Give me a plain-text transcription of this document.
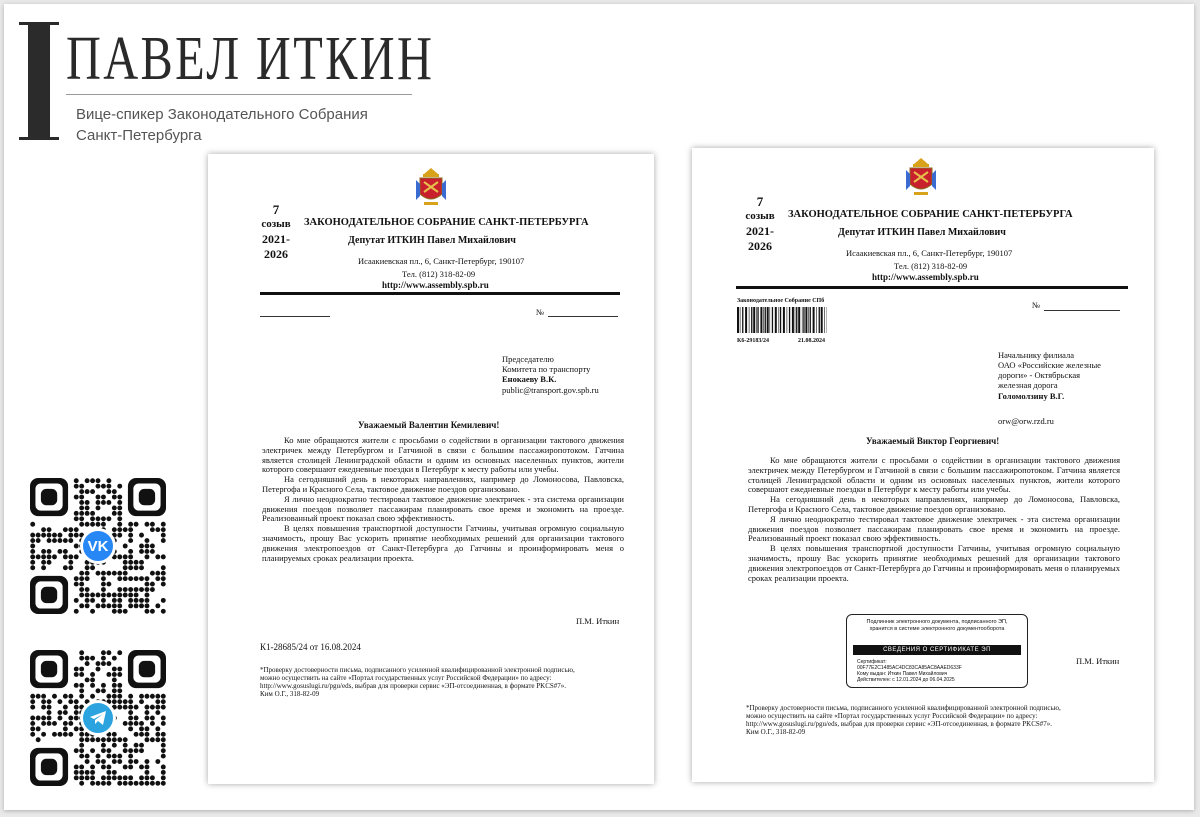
ПАВЕЛ ИТКИН
Вице-спикер Законодательного Собрания
Санкт-Петербурга
VK
7
созыв
2021-
2026
ЗАКОНОДАТЕЛЬНОЕ СОБРАНИЕ САНКТ-ПЕТЕРБУРГА
Депутат ИТКИН Павел Михайлович
Исаакиевская пл., 6, Санкт-Петербург, 190107
Тел. (812) 318-82-09
http://www.assembly.spb.ru
№
Председателю
Комитета по транспорту
Енокаеву В.К.
public@transport.gov.spb.ru
Уважаемый Валентин Кемилевич!

Ко мне обращаются жители с просьбами о содействии в организации тактового движения электричек между Петербургом и Гатчиной в связи с большим пассажиропотоком. Гатчина является столицей Ленинградской области и одним из основных населенных пунктов, жители которого совершают ежедневные поездки в Петербург к месту работы или учебы.

На сегодняшний день в некоторых направлениях, например до Ломоносова, Павловска, Петергофа и Красного Села, тактовое движение поездов организовано.

Я лично неоднократно тестировал тактовое движение электричек - эта система организации движения поездов позволяет пассажирам планировать свое время и экономить на проезде. Реализованный проект показал свою эффективность.

В целях повышения транспортной доступности Гатчины, учитывая огромную социальную значимость, прошу Вас ускорить принятие необходимых решений для организации тактового движения электропоездов от Санкт-Петербурга до Гатчины и проинформировать меня о планируемых сроках реализации проекта.

П.М. Иткин
К1-28685/24 от 16.08.2024
*Проверку достоверности письма, подписанного усиленной квалифицированной электронной подписью,
можно осуществить на сайте «Портал государственных услуг Российской Федерации» по адресу:
http://www.gosuslugi.ru/pgu/eds, выбрав для проверки сервис «ЭП-отсоединенная, в формате PKCS#7».
Ким О.Г., 318-82-09
7
созыв
2021-
2026
ЗАКОНОДАТЕЛЬНОЕ СОБРАНИЕ САНКТ-ПЕТЕРБУРГА
Депутат ИТКИН Павел Михайлович
Исаакиевская пл., 6, Санкт-Петербург, 190107
Тел. (812) 318-82-09
http://www.assembly.spb.ru
Законодательное Собрание СПб
К6-29183/24	21.08.2024
№
Начальнику филиала
ОАО «Российские железные
дороги» - Октябрьская
железная дорога
Голомолзину В.Г.
orw@orw.rzd.ru
Уважаемый Виктор Георгиевич!

Ко мне обращаются жители с просьбами о содействии в организации тактового движения электричек между Петербургом и Гатчиной в связи с большим пассажиропотоком. Гатчина является столицей Ленинградской области и одним из основных населенных пунктов, жители которого совершают ежедневные поездки в Петербург к месту работы или учебы.

На сегодняшний день в некоторых направлениях, например до Ломоносова, Павловска, Петергофа и Красного Села, тактовое движение поездов организовано.

Я лично неоднократно тестировал тактовое движение электричек - эта система организации движения поездов позволяет пассажирам планировать свое время и экономить на проезде. Реализованный проект показал свою эффективность.

В целях повышения транспортной доступности Гатчины, учитывая огромную социальную значимость, прошу Вас ускорить принятие необходимых решений для организации тактового движения электропоездов от Санкт-Петербурга до Гатчины и проинформировать меня о планируемых сроках реализации проекта.

Подлинник электронного документа, подписанного ЭП,
хранится в системе электронного документооборота
СВЕДЕНИЯ О СЕРТИФИКАТЕ ЭП
Сертификат:
00F77E2C1485AC4DC83CA85AC8AAED633F
Кому выдан: Иткин Павел Михайлович
Действителен: с 12.01.2024 до 06.04.2025
П.М. Иткин
*Проверку достоверности письма, подписанного усиленной квалифицированной электронной подписью,
можно осуществить на сайте «Портал государственных услуг Российской Федерации» по адресу:
http://www.gosuslugi.ru/pgu/eds, выбрав для проверки сервис «ЭП-отсоединенная, в формате PKCS#7».
Ким О.Г., 318-82-09
